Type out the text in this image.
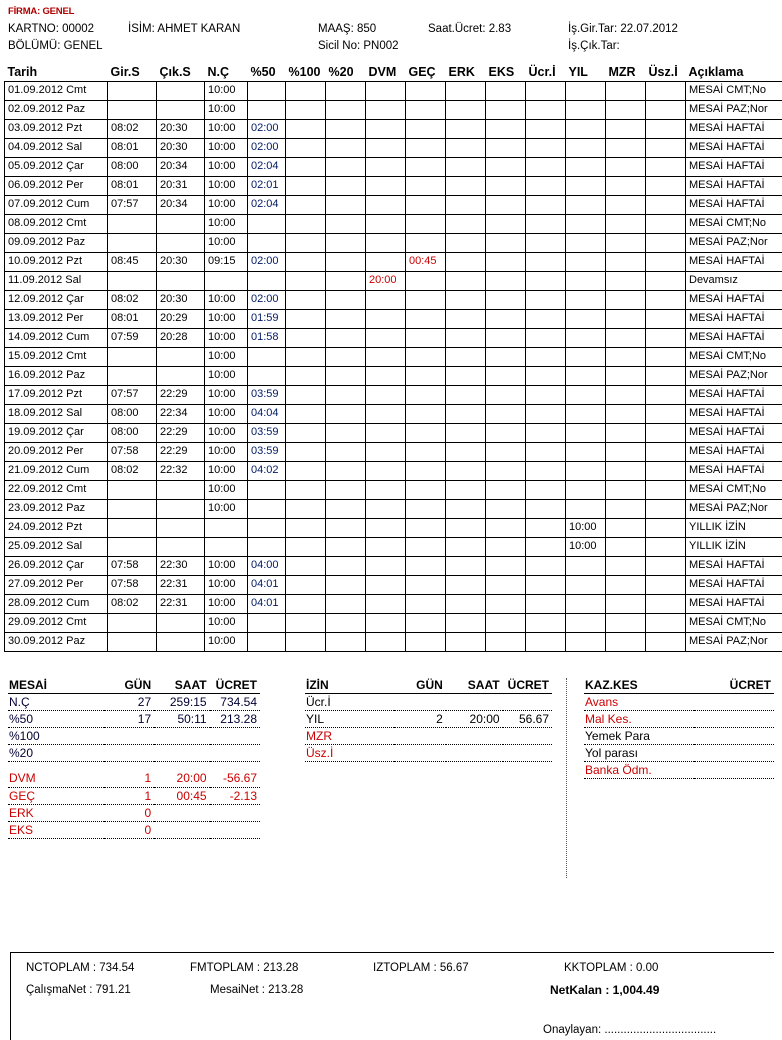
FİRMA: GENEL
KARTNO: 00002	İSİM: AHMET KARAN	MAAŞ: 850	Saat.Ücret: 2.83	İş.Gir.Tar: 22.07.2012
BÖLÜMÜ: GENEL	Sicil No: PN002	İş.Çık.Tar:
Tarih	Gir.S	Çık.S	N.Ç	%50	%100	%20	DVM	GEÇ	ERK	EKS	Ücr.İ	YIL	MZR	Üsz.İ	Açıklama
01.09.2012 Cmt			10:00												MESAİ CMT;No
02.09.2012 Paz			10:00												MESAİ PAZ;Nor
03.09.2012 Pzt	08:02	20:30	10:00	02:00											MESAİ HAFTAİ
04.09.2012 Sal	08:01	20:30	10:00	02:00											MESAİ HAFTAİ
05.09.2012 Çar	08:00	20:34	10:00	02:04											MESAİ HAFTAİ
06.09.2012 Per	08:01	20:31	10:00	02:01											MESAİ HAFTAİ
07.09.2012 Cum	07:57	20:34	10:00	02:04											MESAİ HAFTAİ
08.09.2012 Cmt			10:00												MESAİ CMT;No
09.09.2012 Paz			10:00												MESAİ PAZ;Nor
10.09.2012 Pzt	08:45	20:30	09:15	02:00				00:45							MESAİ HAFTAİ
11.09.2012 Sal							20:00								Devamsız
12.09.2012 Çar	08:02	20:30	10:00	02:00											MESAİ HAFTAİ
13.09.2012 Per	08:01	20:29	10:00	01:59											MESAİ HAFTAİ
14.09.2012 Cum	07:59	20:28	10:00	01:58											MESAİ HAFTAİ
15.09.2012 Cmt			10:00												MESAİ CMT;No
16.09.2012 Paz			10:00												MESAİ PAZ;Nor
17.09.2012 Pzt	07:57	22:29	10:00	03:59											MESAİ HAFTAİ
18.09.2012 Sal	08:00	22:34	10:00	04:04											MESAİ HAFTAİ
19.09.2012 Çar	08:00	22:29	10:00	03:59											MESAİ HAFTAİ
20.09.2012 Per	07:58	22:29	10:00	03:59											MESAİ HAFTAİ
21.09.2012 Cum	08:02	22:32	10:00	04:02											MESAİ HAFTAİ
22.09.2012 Cmt			10:00												MESAİ CMT;No
23.09.2012 Paz			10:00												MESAİ PAZ;Nor
24.09.2012 Pzt												10:00			YILLIK İZİN
25.09.2012 Sal												10:00			YILLIK İZİN
26.09.2012 Çar	07:58	22:30	10:00	04:00											MESAİ HAFTAİ
27.09.2012 Per	07:58	22:31	10:00	04:01											MESAİ HAFTAİ
28.09.2012 Cum	08:02	22:31	10:00	04:01											MESAİ HAFTAİ
29.09.2012 Cmt			10:00												MESAİ CMT;No
30.09.2012 Paz			10:00												MESAİ PAZ;Nor
MESAİ	GÜN	SAAT	ÜCRET
N.Ç	27	259:15	734.54
%50	17	50:11	213.28
%100			
%20			

DVM	1	20:00	-56.67
GEÇ	1	00:45	-2.13
ERK	0		
EKS	0		
İZİN	GÜN	SAAT	ÜCRET
Ücr.İ			
YIL	2	20:00	56.67
MZR			
Üsz.İ			
KAZ.KES	ÜCRET
Avans	
Mal Kes.	
Yemek Para	
Yol parası	
Banka Ödm.	
NCTOPLAM : 734.54	FMTOPLAM : 213.28	IZTOPLAM : 56.67	KKTOPLAM : 0.00
ÇalışmaNet : 791.21	MesaiNet : 213.28	NetKalan : 1,004.49
Onaylayan: ...................................
